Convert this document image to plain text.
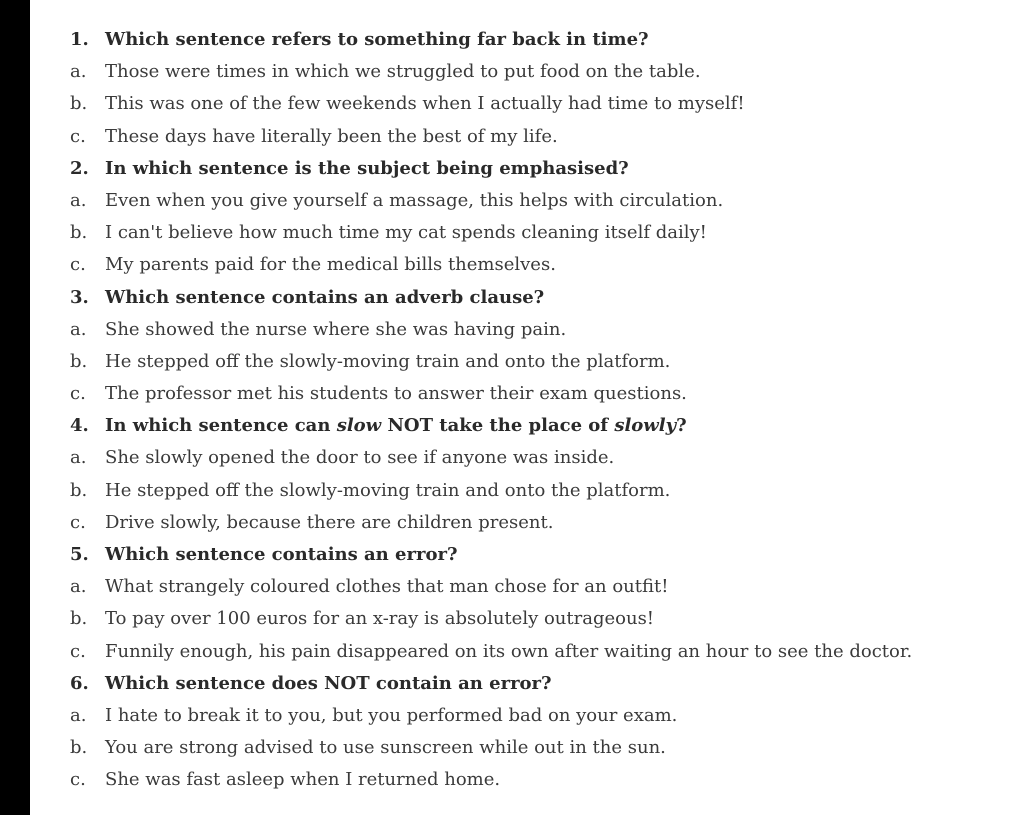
1. Which sentence refers to something far back in time?
a.	Those were times in which we struggled to put food on the table.
b. This was one of the few weekends when I actually had time to myself!
c.	These days have literally been the best of my life.
2. In which sentence is the subject being emphasised?
a.	Even when you give yourself a massage, this helps with circulation.
b. I can't believe how much time my cat spends cleaning itself daily!
c.	My parents paid for the medical bills themselves.
3. Which sentence contains an adverb clause?
a.	She showed the nurse where she was having pain.
b. He stepped off the slowly-moving train and onto the platform.
c.	The professor met his students to answer their exam questions.
4. In which sentence can slow NOT take the place of slowly?
a.	She slowly opened the door to see if anyone was inside.
b. He stepped off the slowly-moving train and onto the platform.
c.	Drive slowly, because there are children present.
5. Which sentence contains an error?
a.	What strangely coloured clothes that man chose for an outfit!
b. To pay over 100 euros for an x-ray is absolutely outrageous!
c.	Funnily enough, his pain disappeared on its own after waiting an hour to see the doctor.
6. Which sentence does NOT contain an error?
a.	I hate to break it to you, but you performed bad on your exam.
b. You are strong advised to use sunscreen while out in the sun.
c.	She was fast asleep when I returned home.
